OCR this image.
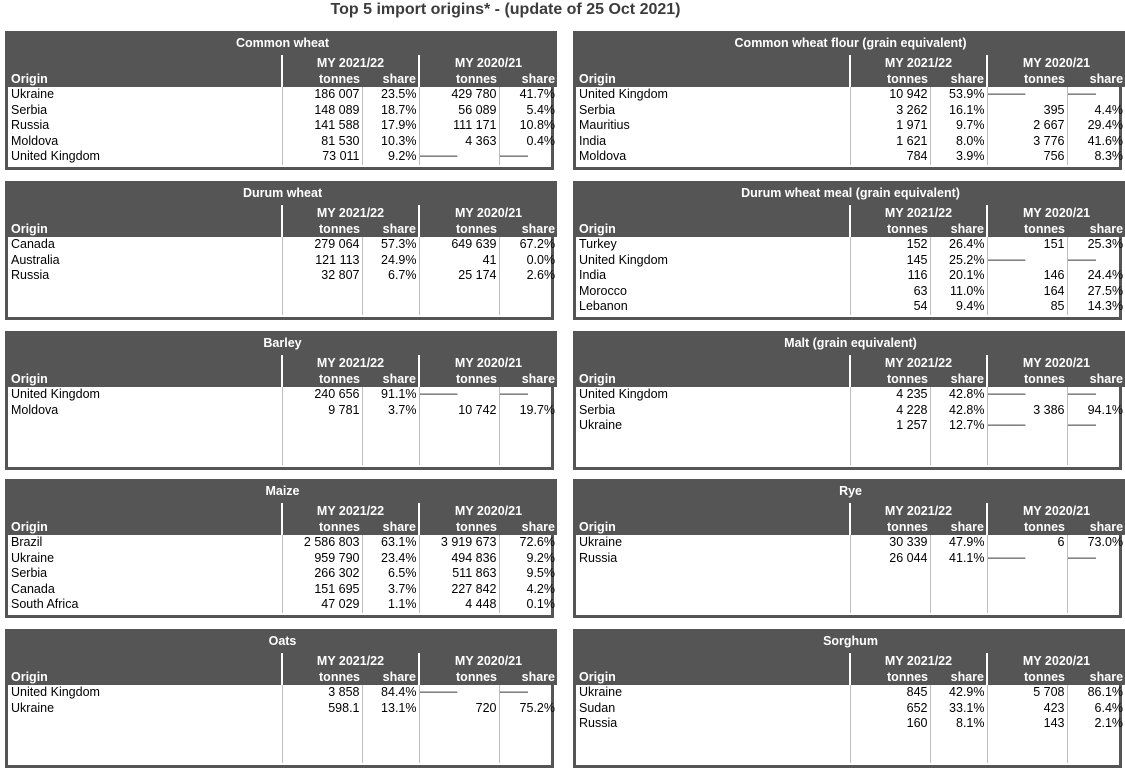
Top 5 import origins* - (update of 25 Oct 2021)
Common wheat				
	MY 2021/22		MY 2020/21	
Origin	tonnes	share	tonnes	share
Ukraine	186 007	23.5%	429 780	41.7%
Serbia	148 089	18.7%	56 089	5.4%
Russia	141 588	17.9%	111 171	10.8%
Moldova	81 530	10.3%	4 363	0.4%
United Kingdom	73 011	9.2%	----------------	------------
Common wheat flour (grain equivalent)				
	MY 2021/22		MY 2020/21	
Origin	tonnes	share	tonnes	share
United Kingdom	10 942	53.9%	----------------	------------
Serbia	3 262	16.1%	395	4.4%
Mauritius	1 971	9.7%	2 667	29.4%
India	1 621	8.0%	3 776	41.6%
Moldova	784	3.9%	756	8.3%
Durum wheat				
	MY 2021/22		MY 2020/21	
Origin	tonnes	share	tonnes	share
Canada	279 064	57.3%	649 639	67.2%
Australia	121 113	24.9%	41	0.0%
Russia	32 807	6.7%	25 174	2.6%

Durum wheat meal (grain equivalent)				
	MY 2021/22		MY 2020/21	
Origin	tonnes	share	tonnes	share
Turkey	152	26.4%	151	25.3%
United Kingdom	145	25.2%	----------------	------------
India	116	20.1%	146	24.4%
Morocco	63	11.0%	164	27.5%
Lebanon	54	9.4%	85	14.3%
Barley				
	MY 2021/22		MY 2020/21	
Origin	tonnes	share	tonnes	share
United Kingdom	240 656	91.1%	----------------	------------
Moldova	9 781	3.7%	10 742	19.7%

Malt (grain equivalent)				
	MY 2021/22		MY 2020/21	
Origin	tonnes	share	tonnes	share
United Kingdom	4 235	42.8%	----------------	------------
Serbia	4 228	42.8%	3 386	94.1%
Ukraine	1 257	12.7%	----------------	------------

Maize				
	MY 2021/22		MY 2020/21	
Origin	tonnes	share	tonnes	share
Brazil	2 586 803	63.1%	3 919 673	72.6%
Ukraine	959 790	23.4%	494 836	9.2%
Serbia	266 302	6.5%	511 863	9.5%
Canada	151 695	3.7%	227 842	4.2%
South Africa	47 029	1.1%	4 448	0.1%
Rye				
	MY 2021/22		MY 2020/21	
Origin	tonnes	share	tonnes	share
Ukraine	30 339	47.9%	6	73.0%
Russia	26 044	41.1%	----------------	------------

Oats				
	MY 2021/22		MY 2020/21	
Origin	tonnes	share	tonnes	share
United Kingdom	3 858	84.4%	----------------	------------
Ukraine	598.1	13.1%	720	75.2%

Sorghum				
	MY 2021/22		MY 2020/21	
Origin	tonnes	share	tonnes	share
Ukraine	845	42.9%	5 708	86.1%
Sudan	652	33.1%	423	6.4%
Russia	160	8.1%	143	2.1%
